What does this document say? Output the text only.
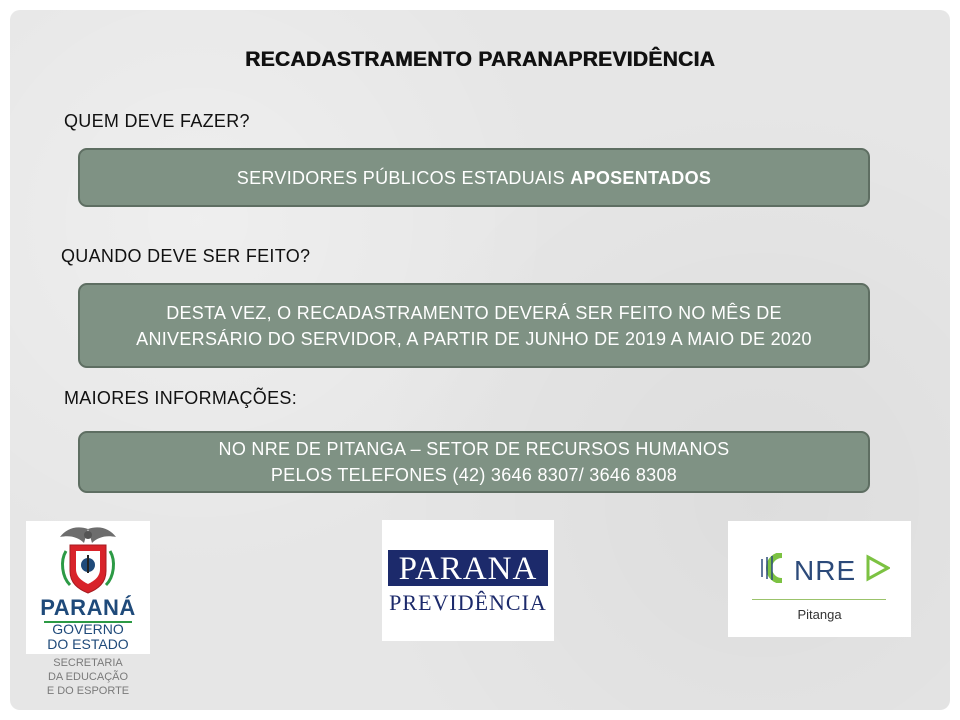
RECADASTRAMENTO PARANAPREVIDÊNCIA
QUEM DEVE FAZER?
SERVIDORES PÚBLICOS ESTADUAIS APOSENTADOS
QUANDO DEVE SER FEITO?
DESTA VEZ, O RECADASTRAMENTO DEVERÁ SER FEITO NO MÊS DE ANIVERSÁRIO DO SERVIDOR, A PARTIR DE JUNHO DE 2019 A MAIO DE 2020
MAIORES INFORMAÇÕES:
NO NRE DE PITANGA – SETOR DE RECURSOS HUMANOS
PELOS TELEFONES (42) 3646 8307/ 3646 8308
PARANÁ
GOVERNO
DO ESTADO
SECRETARIA
DA EDUCAÇÃO
E DO ESPORTE
PARANA
PREVIDÊNCIA
NRE
Pitanga
